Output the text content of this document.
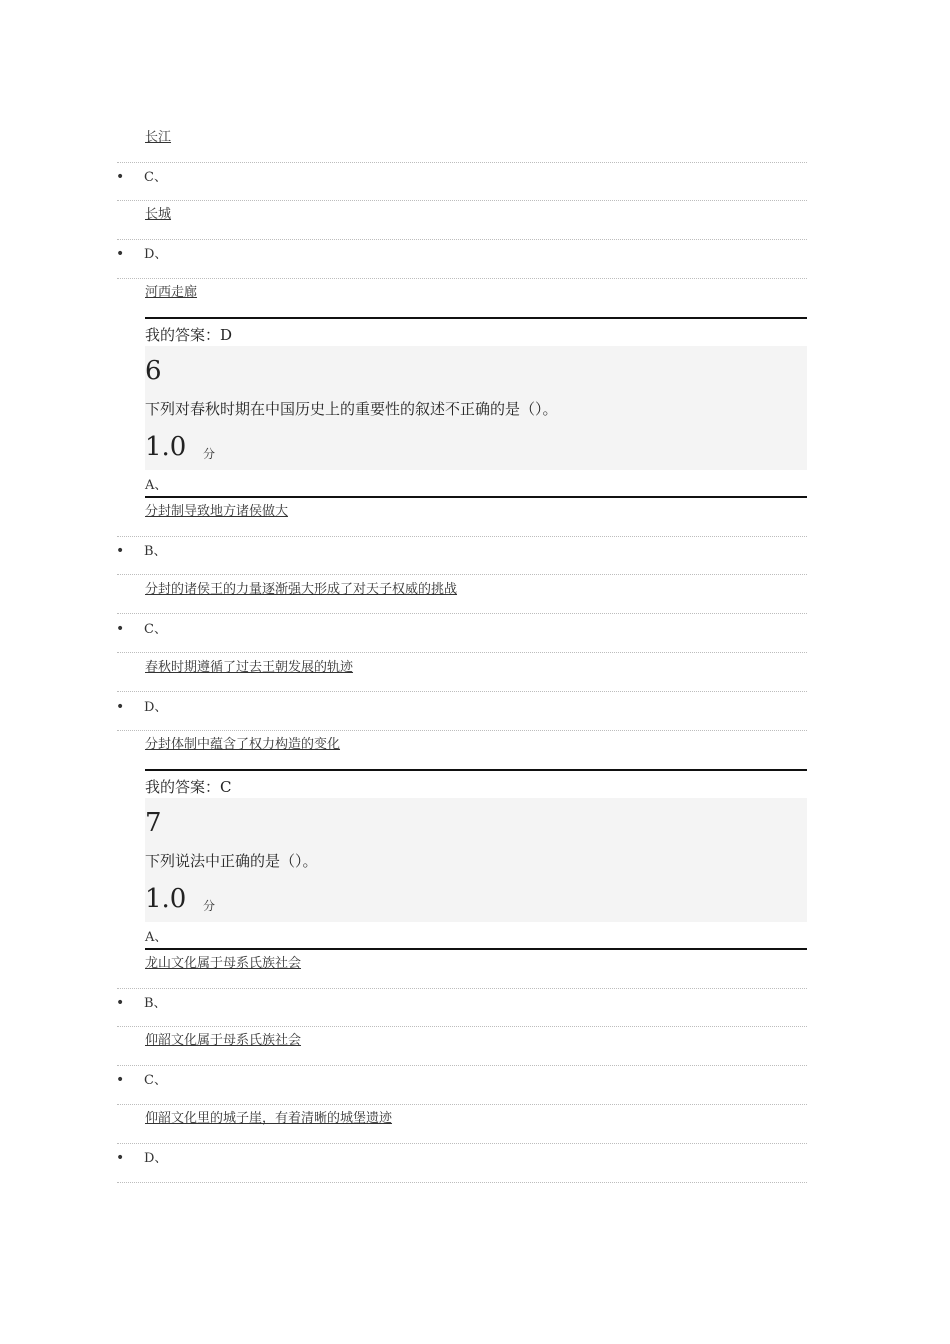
长江
• C、
长城
• D、
河西走廊
我的答案：D
6
下列对春秋时期在中国历史上的重要性的叙述不正确的是（）。
1.0 分
A、
分封制导致地方诸侯做大
• B、
分封的诸侯王的力量逐渐强大形成了对天子权威的挑战
• C、
春秋时期遵循了过去王朝发展的轨迹
• D、
分封体制中蕴含了权力构造的变化
我的答案：C
7
下列说法中正确的是（）。
1.0 分
A、
龙山文化属于母系氏族社会
• B、
仰韶文化属于母系氏族社会
• C、
仰韶文化里的城子崖，有着清晰的城堡遗迹
• D、
